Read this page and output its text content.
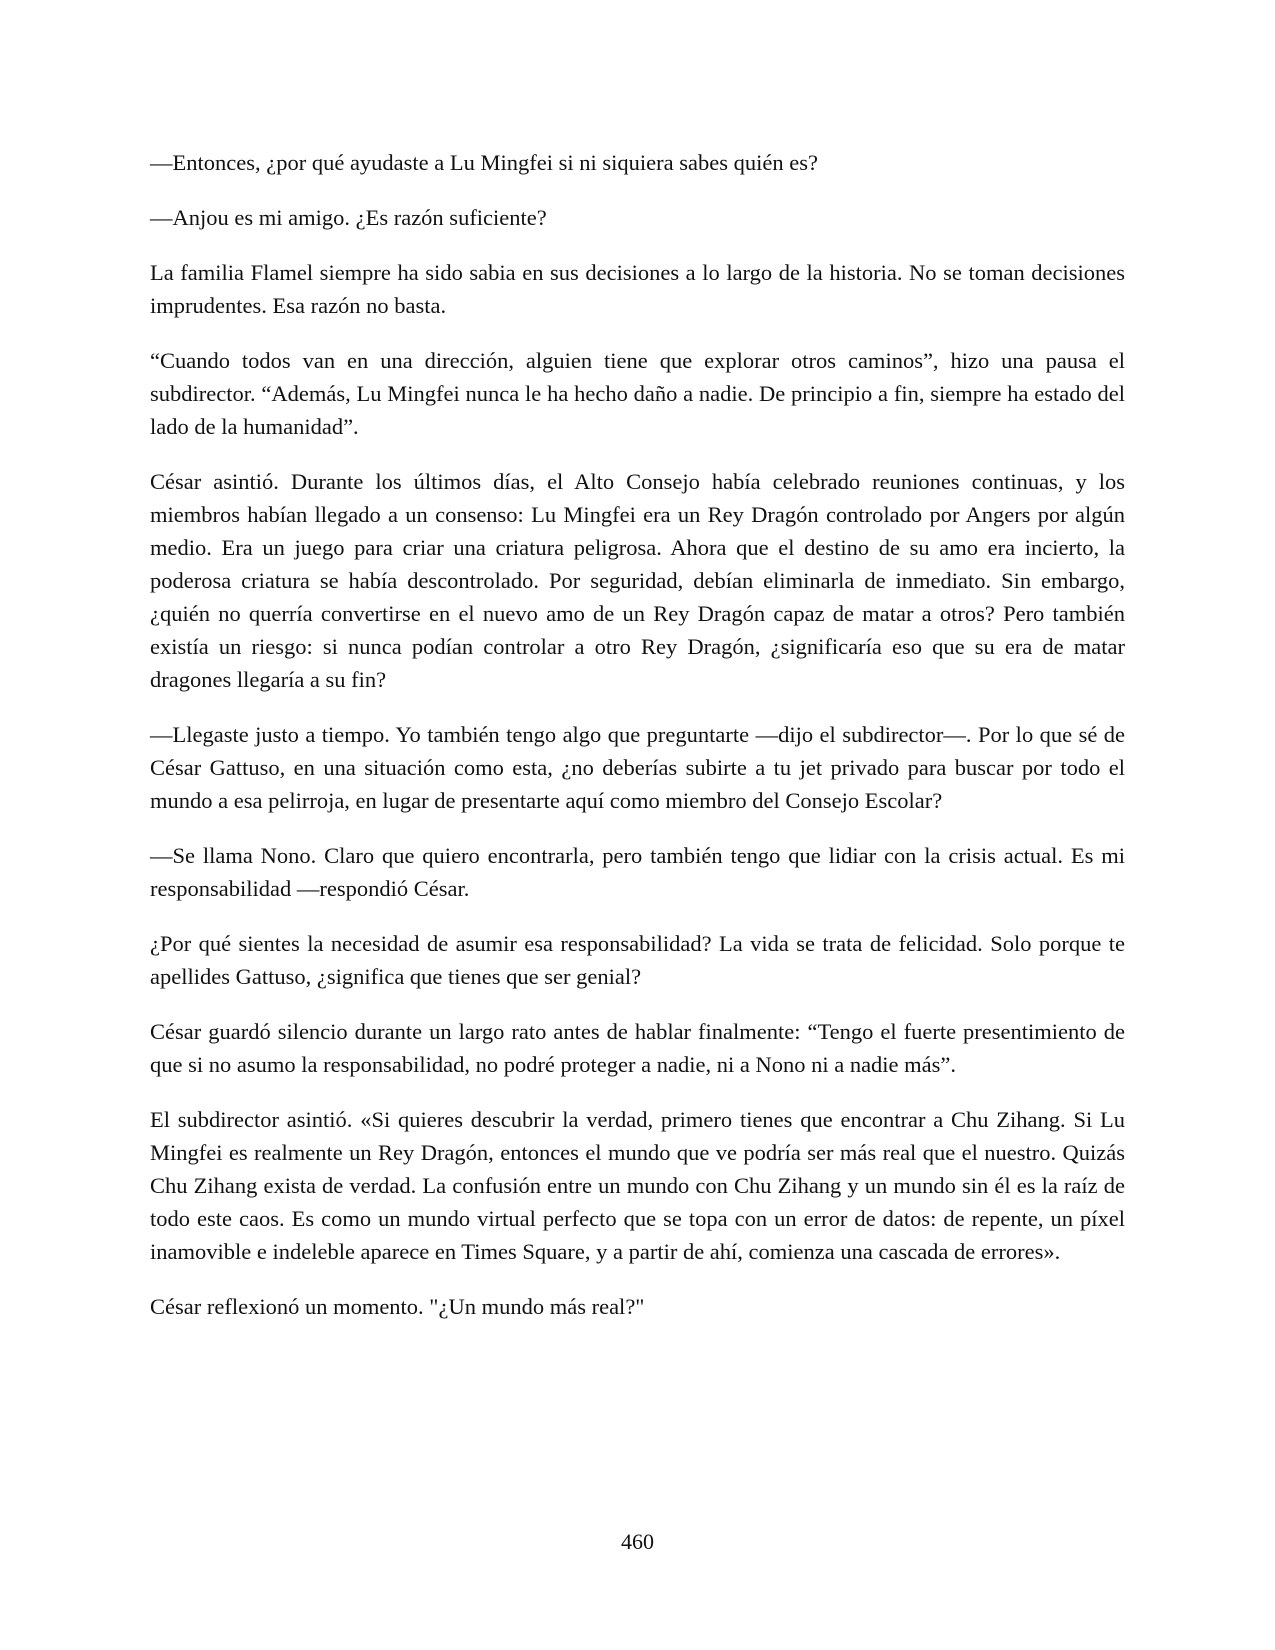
—Entonces, ¿por qué ayudaste a Lu Mingfei si ni siquiera sabes quién es?

—Anjou es mi amigo. ¿Es razón suficiente?

La familia Flamel siempre ha sido sabia en sus decisiones a lo largo de la historia. No se toman decisiones imprudentes. Esa razón no basta.

“Cuando todos van en una dirección, alguien tiene que explorar otros caminos”, hizo una pausa el subdirector. “Además, Lu Mingfei nunca le ha hecho daño a nadie. De principio a fin, siempre ha estado del lado de la humanidad”.

César asintió. Durante los últimos días, el Alto Consejo había celebrado reuniones continuas, y los miembros habían llegado a un consenso: Lu Mingfei era un Rey Dragón controlado por Angers por algún medio. Era un juego para criar una criatura peligrosa. Ahora que el destino de su amo era incierto, la poderosa criatura se había descontrolado. Por seguridad, debían eliminarla de inmediato. Sin embargo, ¿quién no querría convertirse en el nuevo amo de un Rey Dragón capaz de matar a otros? Pero también existía un riesgo: si nunca podían controlar a otro Rey Dragón, ¿significaría eso que su era de matar dragones llegaría a su fin?

—Llegaste justo a tiempo. Yo también tengo algo que preguntarte —dijo el subdirector—. Por lo que sé de César Gattuso, en una situación como esta, ¿no deberías subirte a tu jet privado para buscar por todo el mundo a esa pelirroja, en lugar de presentarte aquí como miembro del Consejo Escolar?

—Se llama Nono. Claro que quiero encontrarla, pero también tengo que lidiar con la crisis actual. Es mi responsabilidad —respondió César.

¿Por qué sientes la necesidad de asumir esa responsabilidad? La vida se trata de felicidad. Solo porque te apellides Gattuso, ¿significa que tienes que ser genial?

César guardó silencio durante un largo rato antes de hablar finalmente: “Tengo el fuerte presentimiento de que si no asumo la responsabilidad, no podré proteger a nadie, ni a Nono ni a nadie más”.

El subdirector asintió. «Si quieres descubrir la verdad, primero tienes que encontrar a Chu Zihang. Si Lu Mingfei es realmente un Rey Dragón, entonces el mundo que ve podría ser más real que el nuestro. Quizás Chu Zihang exista de verdad. La confusión entre un mundo con Chu Zihang y un mundo sin él es la raíz de todo este caos. Es como un mundo virtual perfecto que se topa con un error de datos: de repente, un píxel inamovible e indeleble aparece en Times Square, y a partir de ahí, comienza una cascada de errores».

César reflexionó un momento. "¿Un mundo más real?"

460
